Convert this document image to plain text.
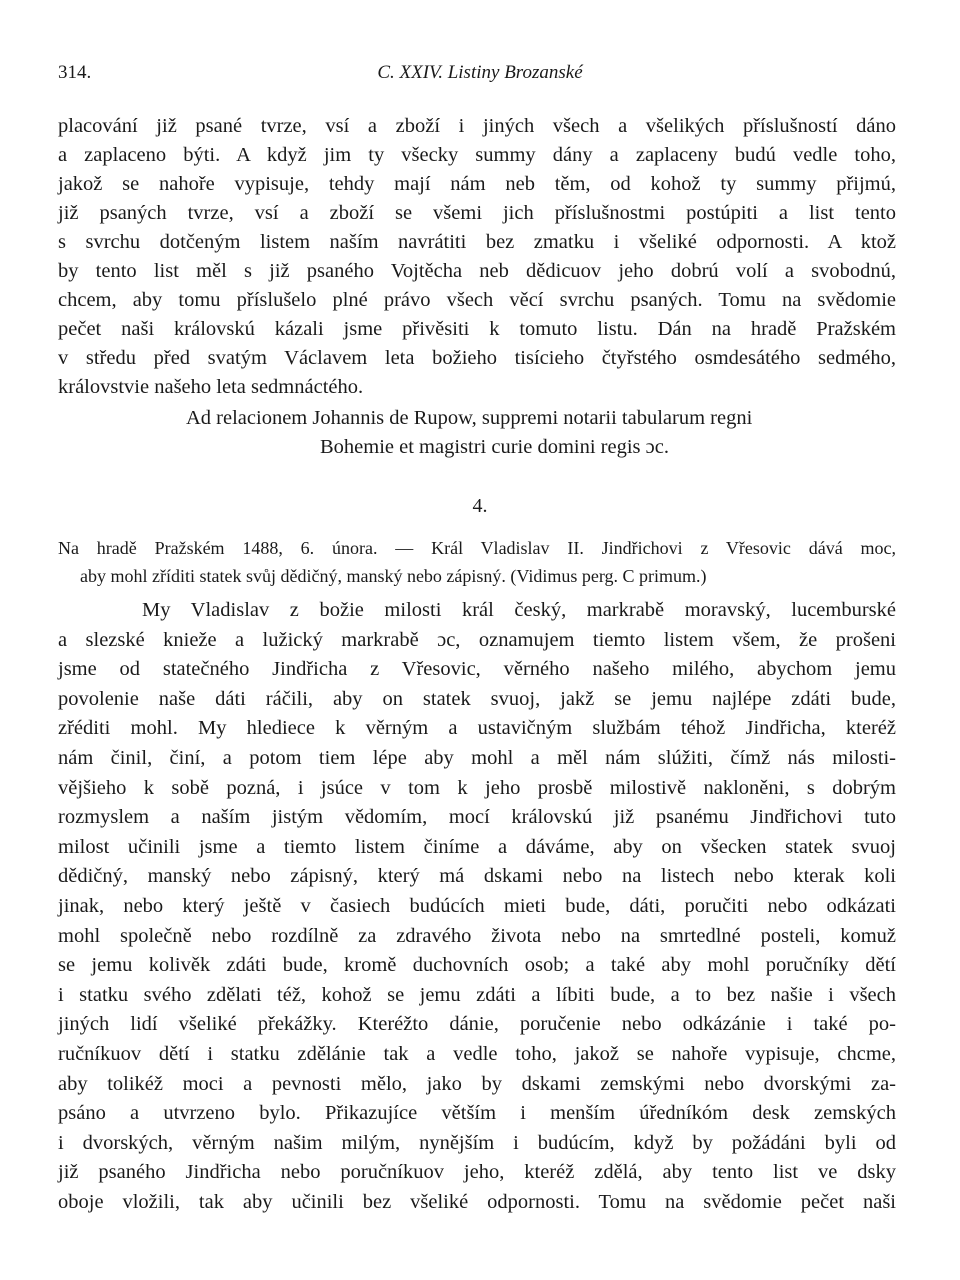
314.	C. XXIV. Listiny Brozanské
placování již psané tvrze, vsí a zboží i jiných všech a všelikých příslušností dáno
a zaplaceno býti. A když jim ty všecky summy dány a zaplaceny budú vedle toho,
jakož se nahoře vypisuje, tehdy mají nám neb těm, od kohož ty summy přijmú,
již psaných tvrze, vsí a zboží se všemi jich příslušnostmi postúpiti a list tento
s svrchu dotčeným listem naším navrátiti bez zmatku i všeliké odpornosti. A ktož
by tento list měl s již psaného Vojtěcha neb dědicuov jeho dobrú volí a svobodnú,
chcem, aby tomu příslušelo plné právo všech věcí svrchu psaných. Tomu na svědomie
pečet naši královskú kázali jsme přivěsiti k tomuto listu. Dán na hradě Pražském
v středu před svatým Václavem leta božieho tisícieho čtyřstého osmdesátého sedmého,
královstvie našeho leta sedmnáctého.
Ad relacionem Johannis de Rupow, suppremi notarii tabularum regni
Bohemie et magistri curie domini regis ɔc.
4.
Na hradě Pražském 1488, 6. února. — Král Vladislav II. Jindřichovi z Vřesovic dává moc,
aby mohl zříditi statek svůj dědičný, manský nebo zápisný. (Vidimus perg. C primum.)
My Vladislav z božie milosti král český, markrabě moravský, lucemburské
a slezské knieže a lužický markrabě ɔc, oznamujem tiemto listem všem, že prošeni
jsme od statečného Jindřicha z Vřesovic, věrného našeho milého, abychom jemu
povolenie naše dáti ráčili, aby on statek svuoj, jakž se jemu najlépe zdáti bude,
zřéditi mohl. My hlediece k věrným a ustavičným službám téhož Jindřicha, kteréž
nám činil, činí, a potom tiem lépe aby mohl a měl nám slúžiti, čímž nás milosti-
vějšieho k sobě pozná, i jsúce v tom k jeho prosbě milostivě nakloněni, s dobrým
rozmyslem a naším jistým vědomím, mocí královskú již psanému Jindřichovi tuto
milost učinili jsme a tiemto listem činíme a dáváme, aby on všecken statek svuoj
dědičný, manský nebo zápisný, který má dskami nebo na listech nebo kterak koli
jinak, nebo který ještě v časiech budúcích mieti bude, dáti, poručiti nebo odkázati
mohl společně nebo rozdílně za zdravého života nebo na smrtedlné posteli, komuž
se jemu kolivěk zdáti bude, kromě duchovních osob; a také aby mohl poručníky dětí
i statku svého zdělati též, kohož se jemu zdáti a líbiti bude, a to bez našie i všech
jiných lidí všeliké překážky. Kteréžto dánie, poručenie nebo odkázánie i také po-
ručníkuov dětí i statku zdělánie tak a vedle toho, jakož se nahoře vypisuje, chcme,
aby tolikéž moci a pevnosti mělo, jako by dskami zemskými nebo dvorskými za-
psáno a utvrzeno bylo. Přikazujíce větším i menším úředníkóm desk zemských
i dvorských, věrným našim milým, nynějším i budúcím, když by požádáni byli od
již psaného Jindřicha nebo poručníkuov jeho, kteréž zdělá, aby tento list ve dsky
oboje vložili, tak aby učinili bez všeliké odpornosti. Tomu na svědomie pečet naši
